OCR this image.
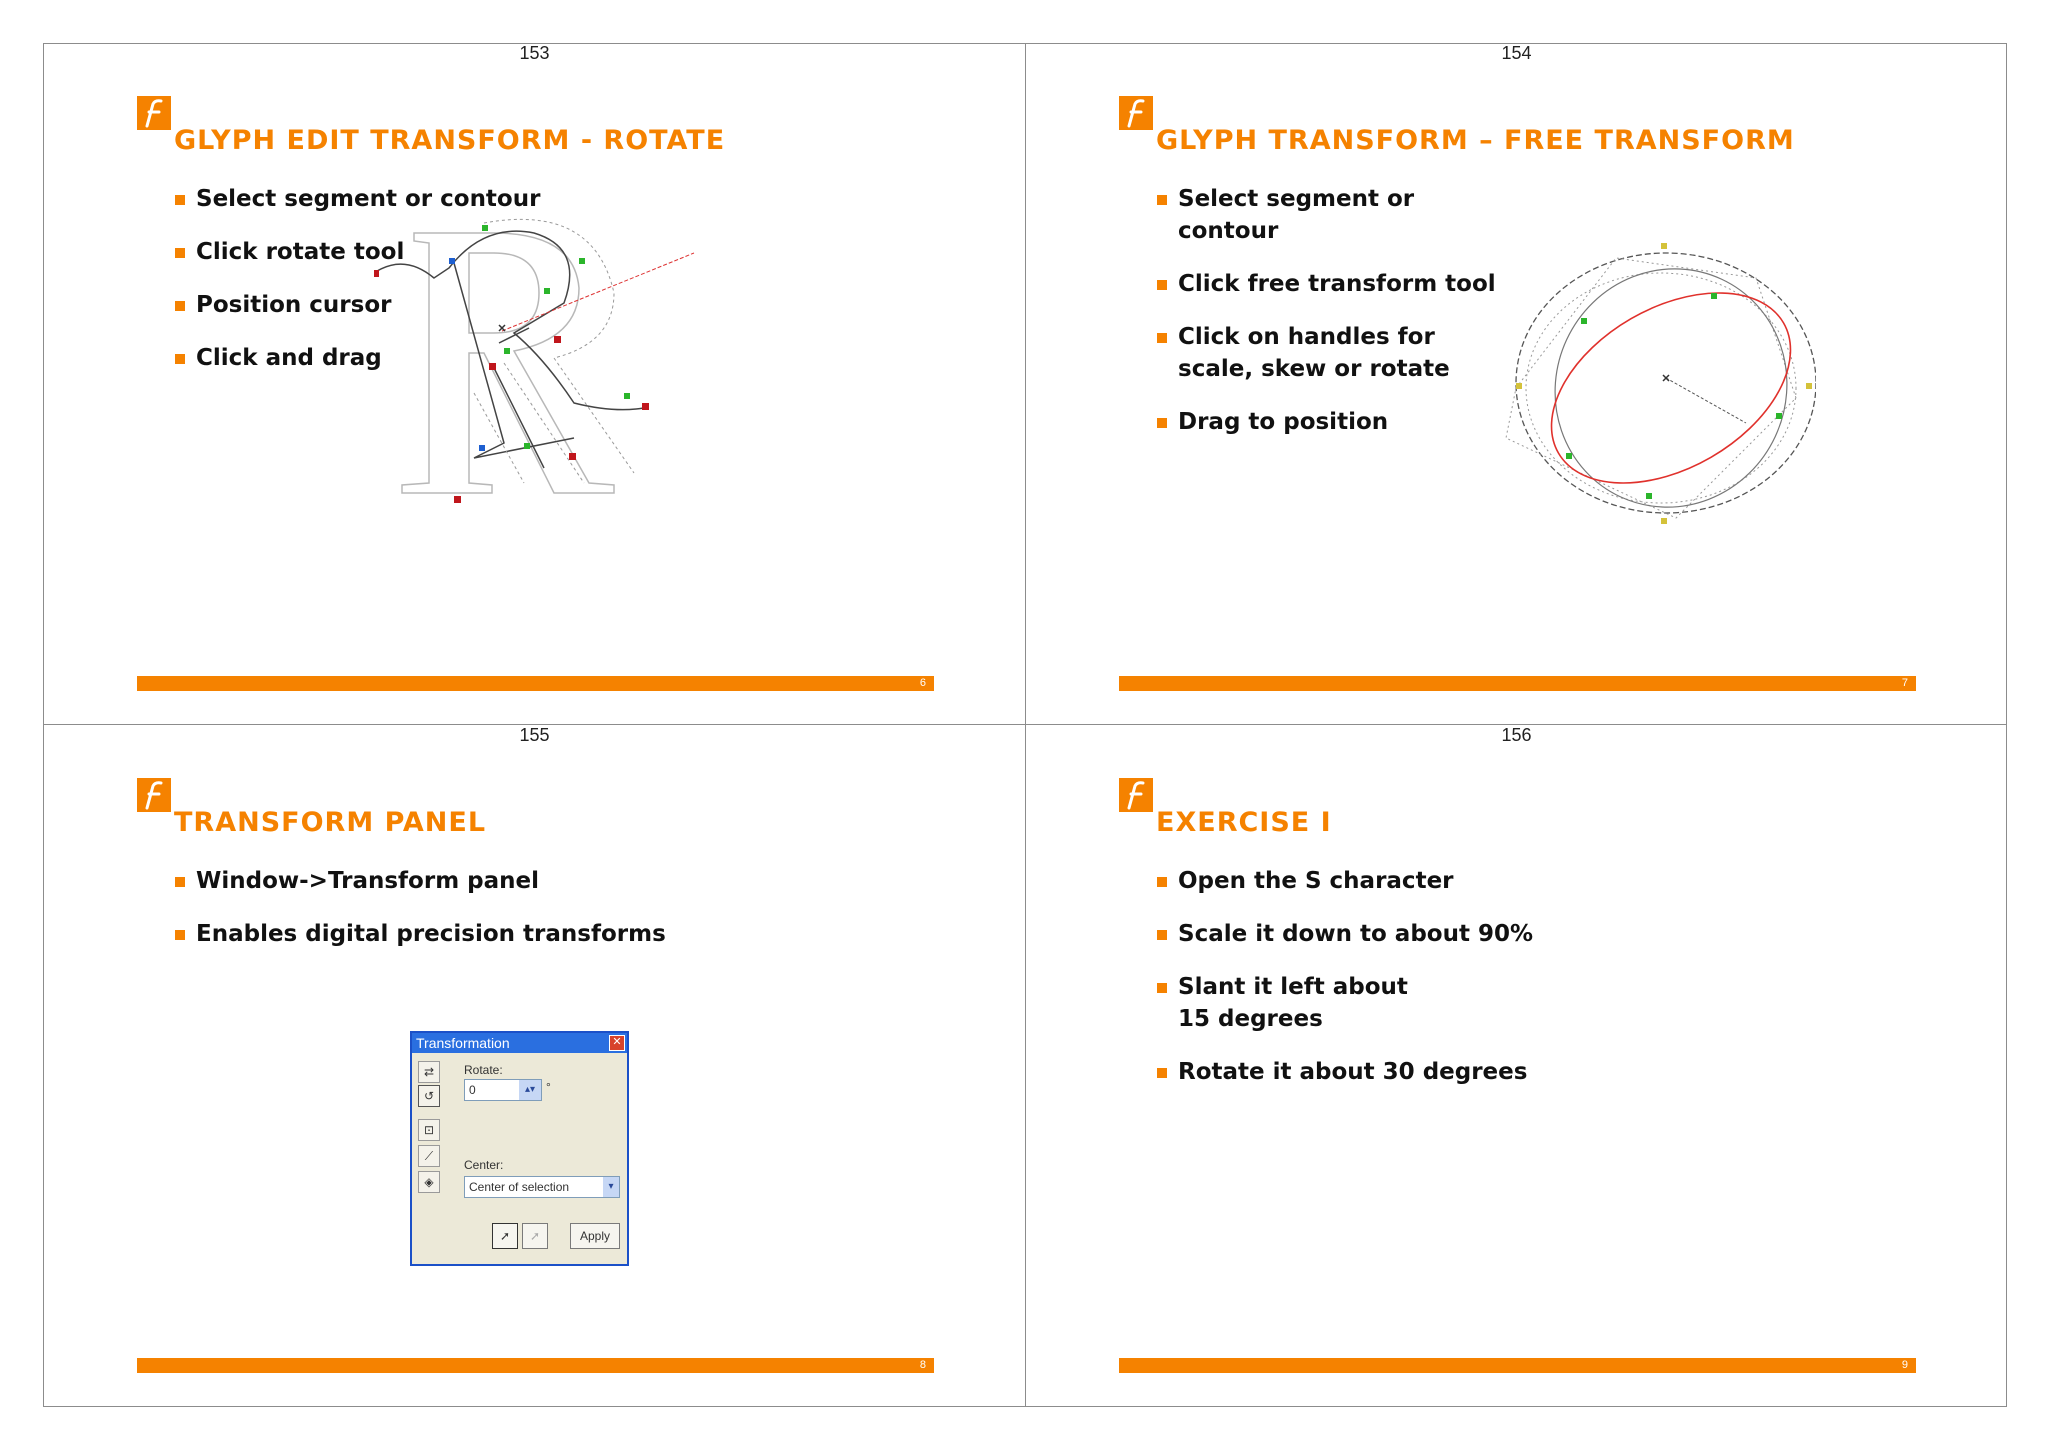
153
GLYPH EDIT TRANSFORM - ROTATE
Select segment or contour
Click rotate tool
Position cursor
Click and drag
6
154
GLYPH TRANSFORM – FREE TRANSFORM
Select segment or contour
Click free transform tool
Click on handles for scale, skew or rotate
Drag to position
7
155
TRANSFORM PANEL
Window->Transform panel
Enables digital precision transforms
Transformation	✕
⇄
↺
⊡
⟋
◈
Rotate:
0	▴▾ °
Center:
Center of selection	▾
➚	➚	Apply
8
156
EXERCISE I
Open the S character
Scale it down to about 90%
Slant it left about 15 degrees
Rotate it about 30 degrees
9
